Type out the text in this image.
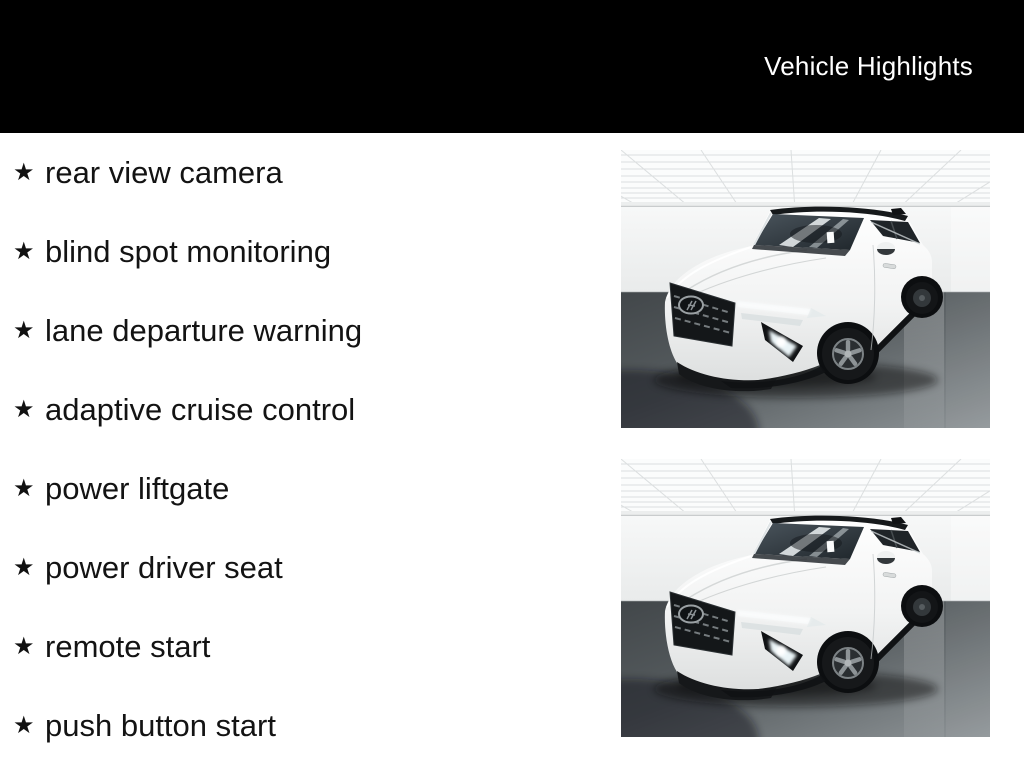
Vehicle Highlights
★ rear view camera
★ blind spot monitoring
★ lane departure warning
★ adaptive cruise control
★ power liftgate
★ power driver seat
★ remote start
★ push button start
